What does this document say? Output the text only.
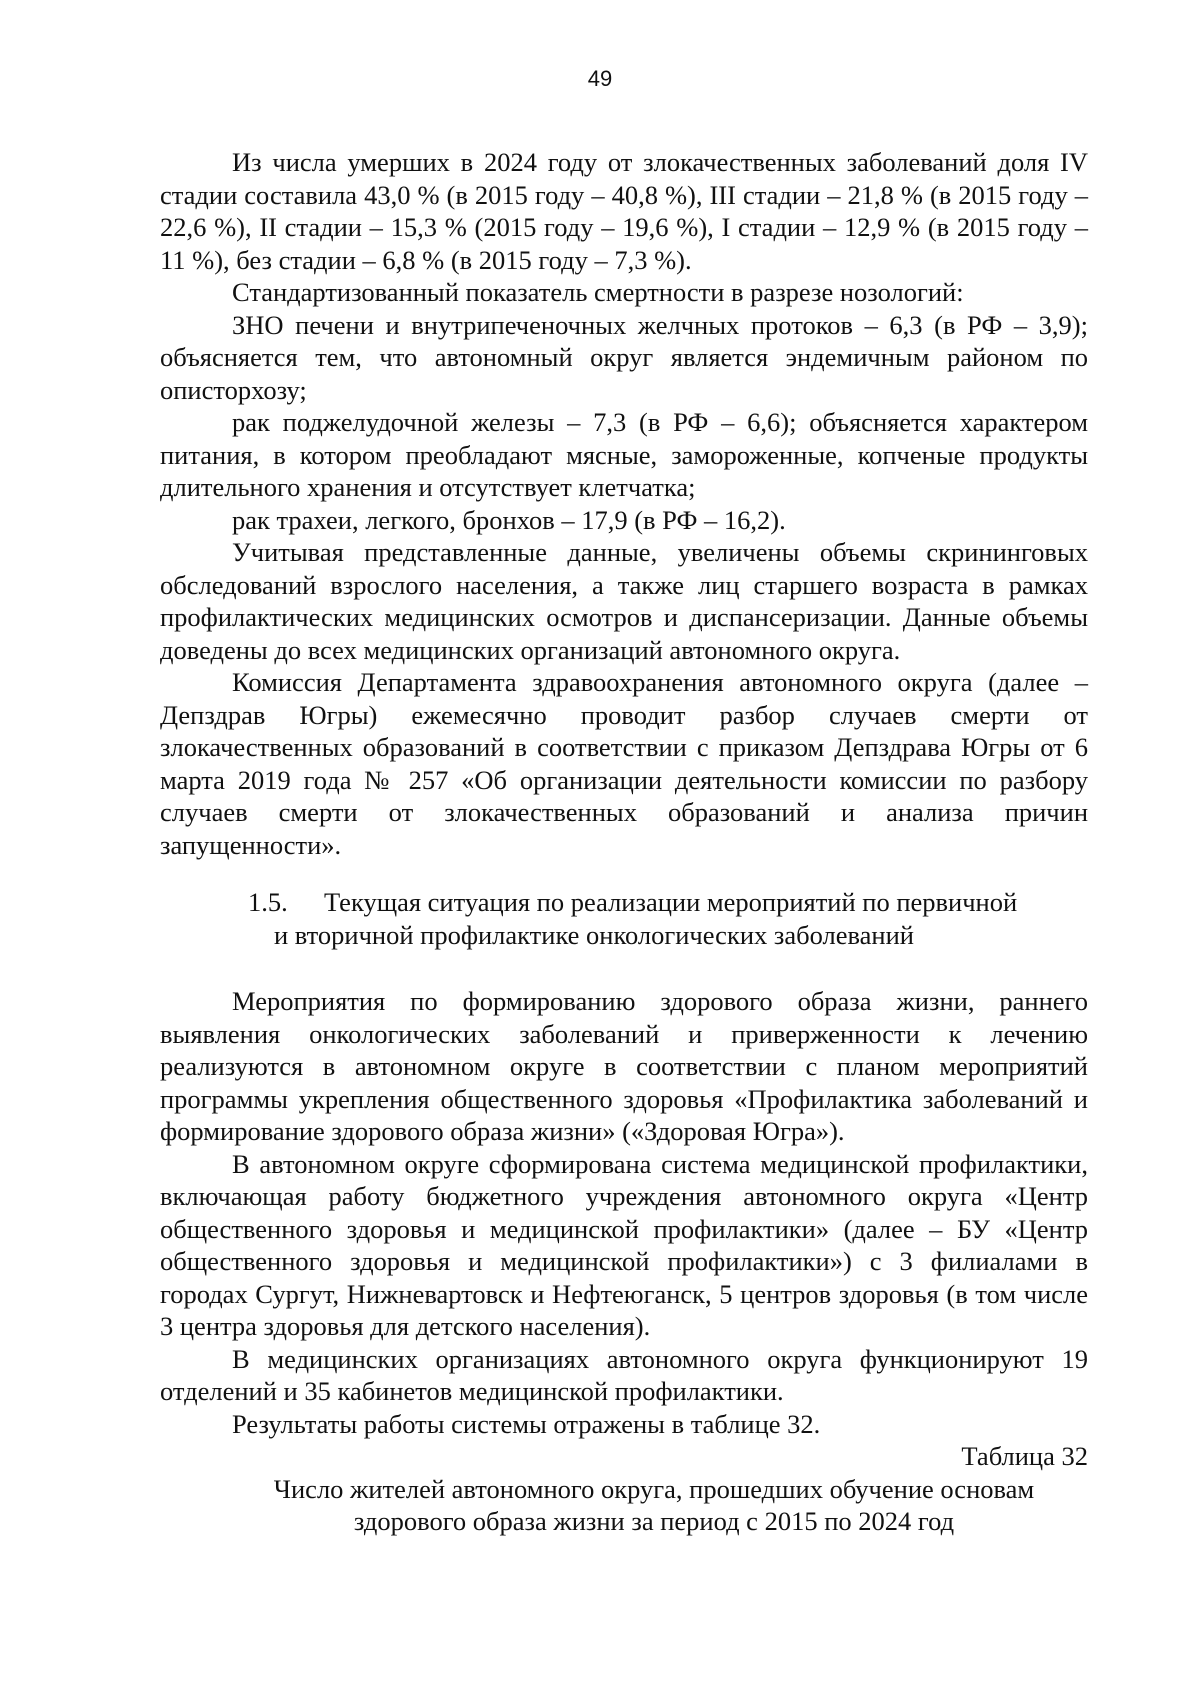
49

Из числа умерших в 2024 году от злокачественных заболеваний доля IV стадии составила 43,0 % (в 2015 году – 40,8 %), III стадии – 21,8 % (в 2015 году – 22,6 %), II стадии – 15,3 % (2015 году – 19,6 %), I стадии – 12,9 % (в 2015 году – 11 %), без стадии – 6,8 % (в 2015 году – 7,3 %).

Стандартизованный показатель смертности в разрезе нозологий:

ЗНО печени и внутрипеченочных желчных протоков – 6,3 (в РФ – 3,9); объясняется тем, что автономный округ является эндемичным районом по описторхозу;

рак поджелудочной железы – 7,3 (в РФ – 6,6); объясняется характером питания, в котором преобладают мясные, замороженные, копченые продукты длительного хранения и отсутствует клетчатка;

рак трахеи, легкого, бронхов – 17,9 (в РФ – 16,2).

Учитывая представленные данные, увеличены объемы скрининговых обследований взрослого населения, а также лиц старшего возраста в рамках профилактических медицинских осмотров и диспансеризации. Данные объемы доведены до всех медицинских организаций автономного округа.

Комиссия Департамента здравоохранения автономного округа (далее – Депздрав Югры) ежемесячно проводит разбор случаев смерти от злокачественных образований в соответствии с приказом Депздрава Югры от 6 марта 2019 года № 257 «Об организации деятельности комиссии по разбору случаев смерти от злокачественных образований и анализа причин запущенности».

1.5. Текущая ситуация по реализации мероприятий по первичной
и вторичной профилактике онкологических заболеваний

Мероприятия по формированию здорового образа жизни, раннего выявления онкологических заболеваний и приверженности к лечению реализуются в автономном округе в соответствии с планом мероприятий программы укрепления общественного здоровья «Профилактика заболеваний и формирование здорового образа жизни» («Здоровая Югра»).

В автономном округе сформирована система медицинской профилактики, включающая работу бюджетного учреждения автономного округа «Центр общественного здоровья и медицинской профилактики» (далее – БУ «Центр общественного здоровья и медицинской профилактики») с 3 филиалами в городах Сургут, Нижневартовск и Нефтеюганск, 5 центров здоровья (в том числе 3 центра здоровья для детского населения).

В медицинских организациях автономного округа функционируют 19 отделений и 35 кабинетов медицинской профилактики.

Результаты работы системы отражены в таблице 32.

Таблица 32
Число жителей автономного округа, прошедших обучение основам здорового образа жизни за период с 2015 по 2024 год
